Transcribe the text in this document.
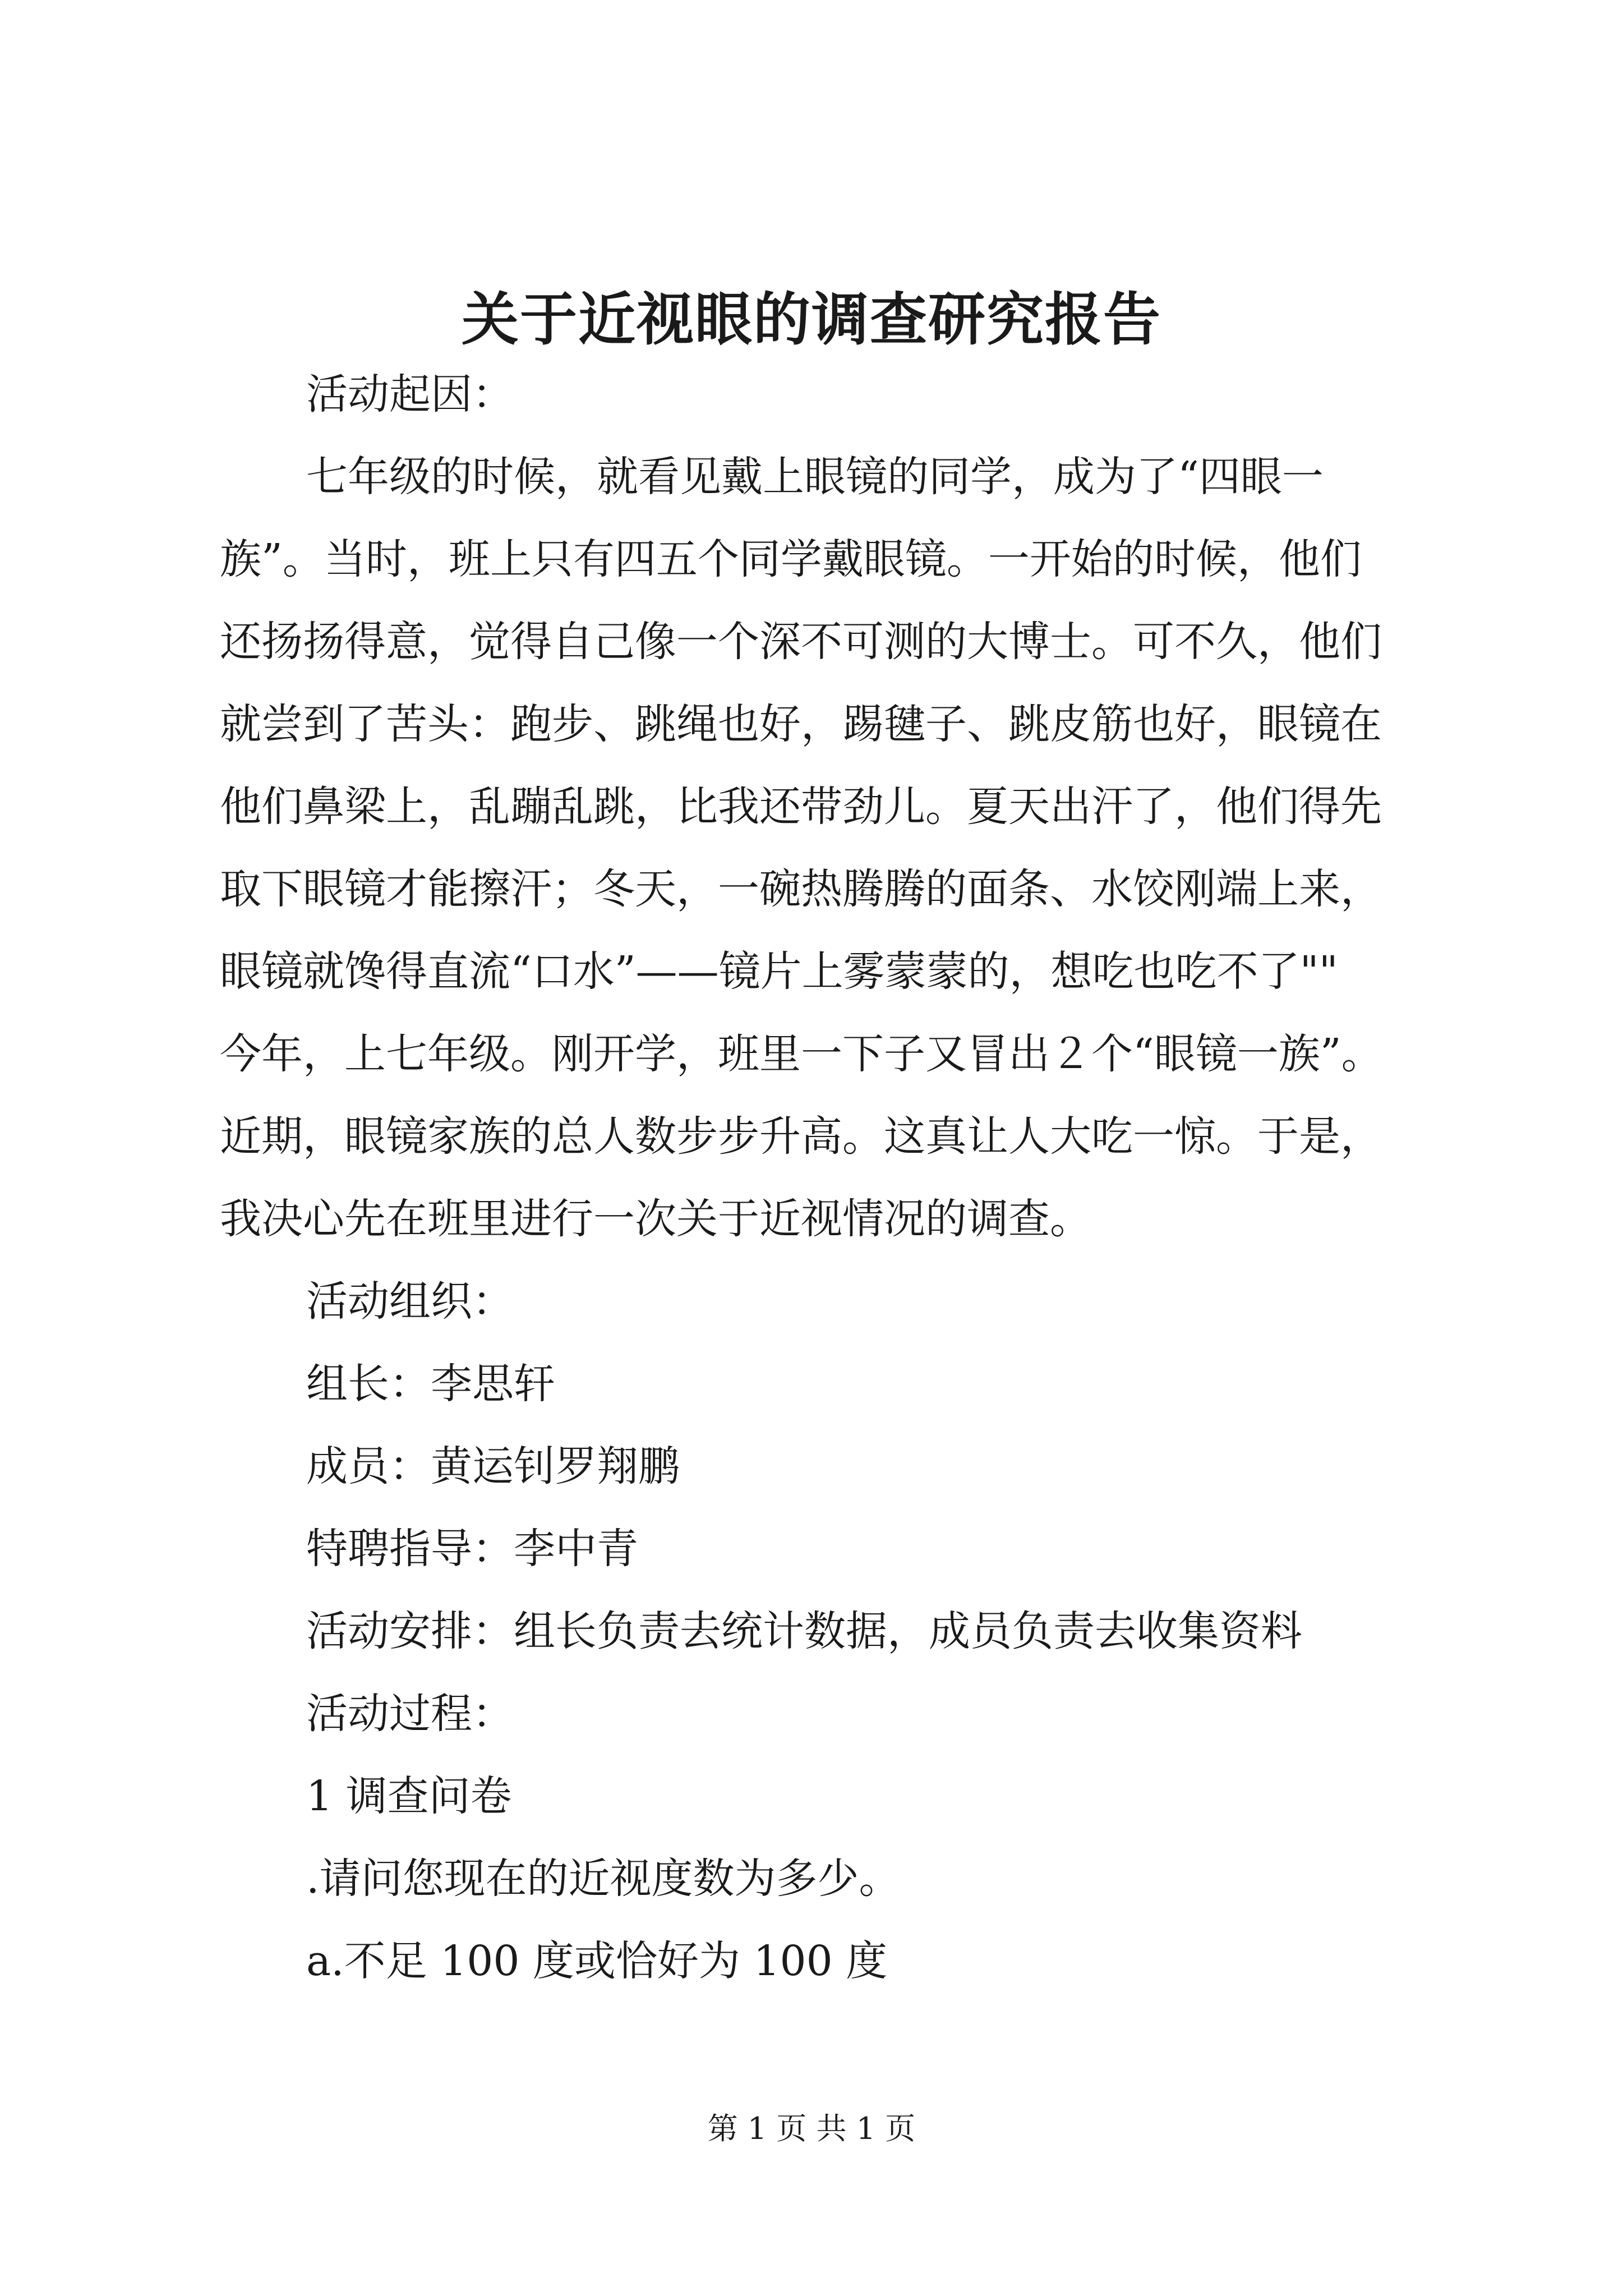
关于近视眼的调查研究报告
活动起因：
七年级的时候，就看见戴上眼镜的同学，成为了“四眼一
族”。当时，班上只有四五个同学戴眼镜。一开始的时候，他们
还扬扬得意，觉得自己像一个深不可测的大博士。可不久，他们
就尝到了苦头：跑步、跳绳也好，踢毽子、跳皮筋也好，眼镜在
他们鼻梁上，乱蹦乱跳，比我还带劲儿。夏天出汗了，他们得先
取下眼镜才能擦汗；冬天，一碗热腾腾的面条、水饺刚端上来，
眼镜就馋得直流“口水”——镜片上雾蒙蒙的，想吃也吃不了""
今年，上七年级。刚开学，班里一下子又冒出２个“眼镜一族”。
近期，眼镜家族的总人数步步升高。这真让人大吃一惊。于是，
我决心先在班里进行一次关于近视情况的调查。
活动组织：
组长：李思轩
成员：黄运钊罗翔鹏
特聘指导：李中青
活动安排：组长负责去统计数据，成员负责去收集资料
活动过程：
1 调查问卷
.请问您现在的近视度数为多少。
a.不足 100 度或恰好为 100 度
第 1 页 共 1 页
